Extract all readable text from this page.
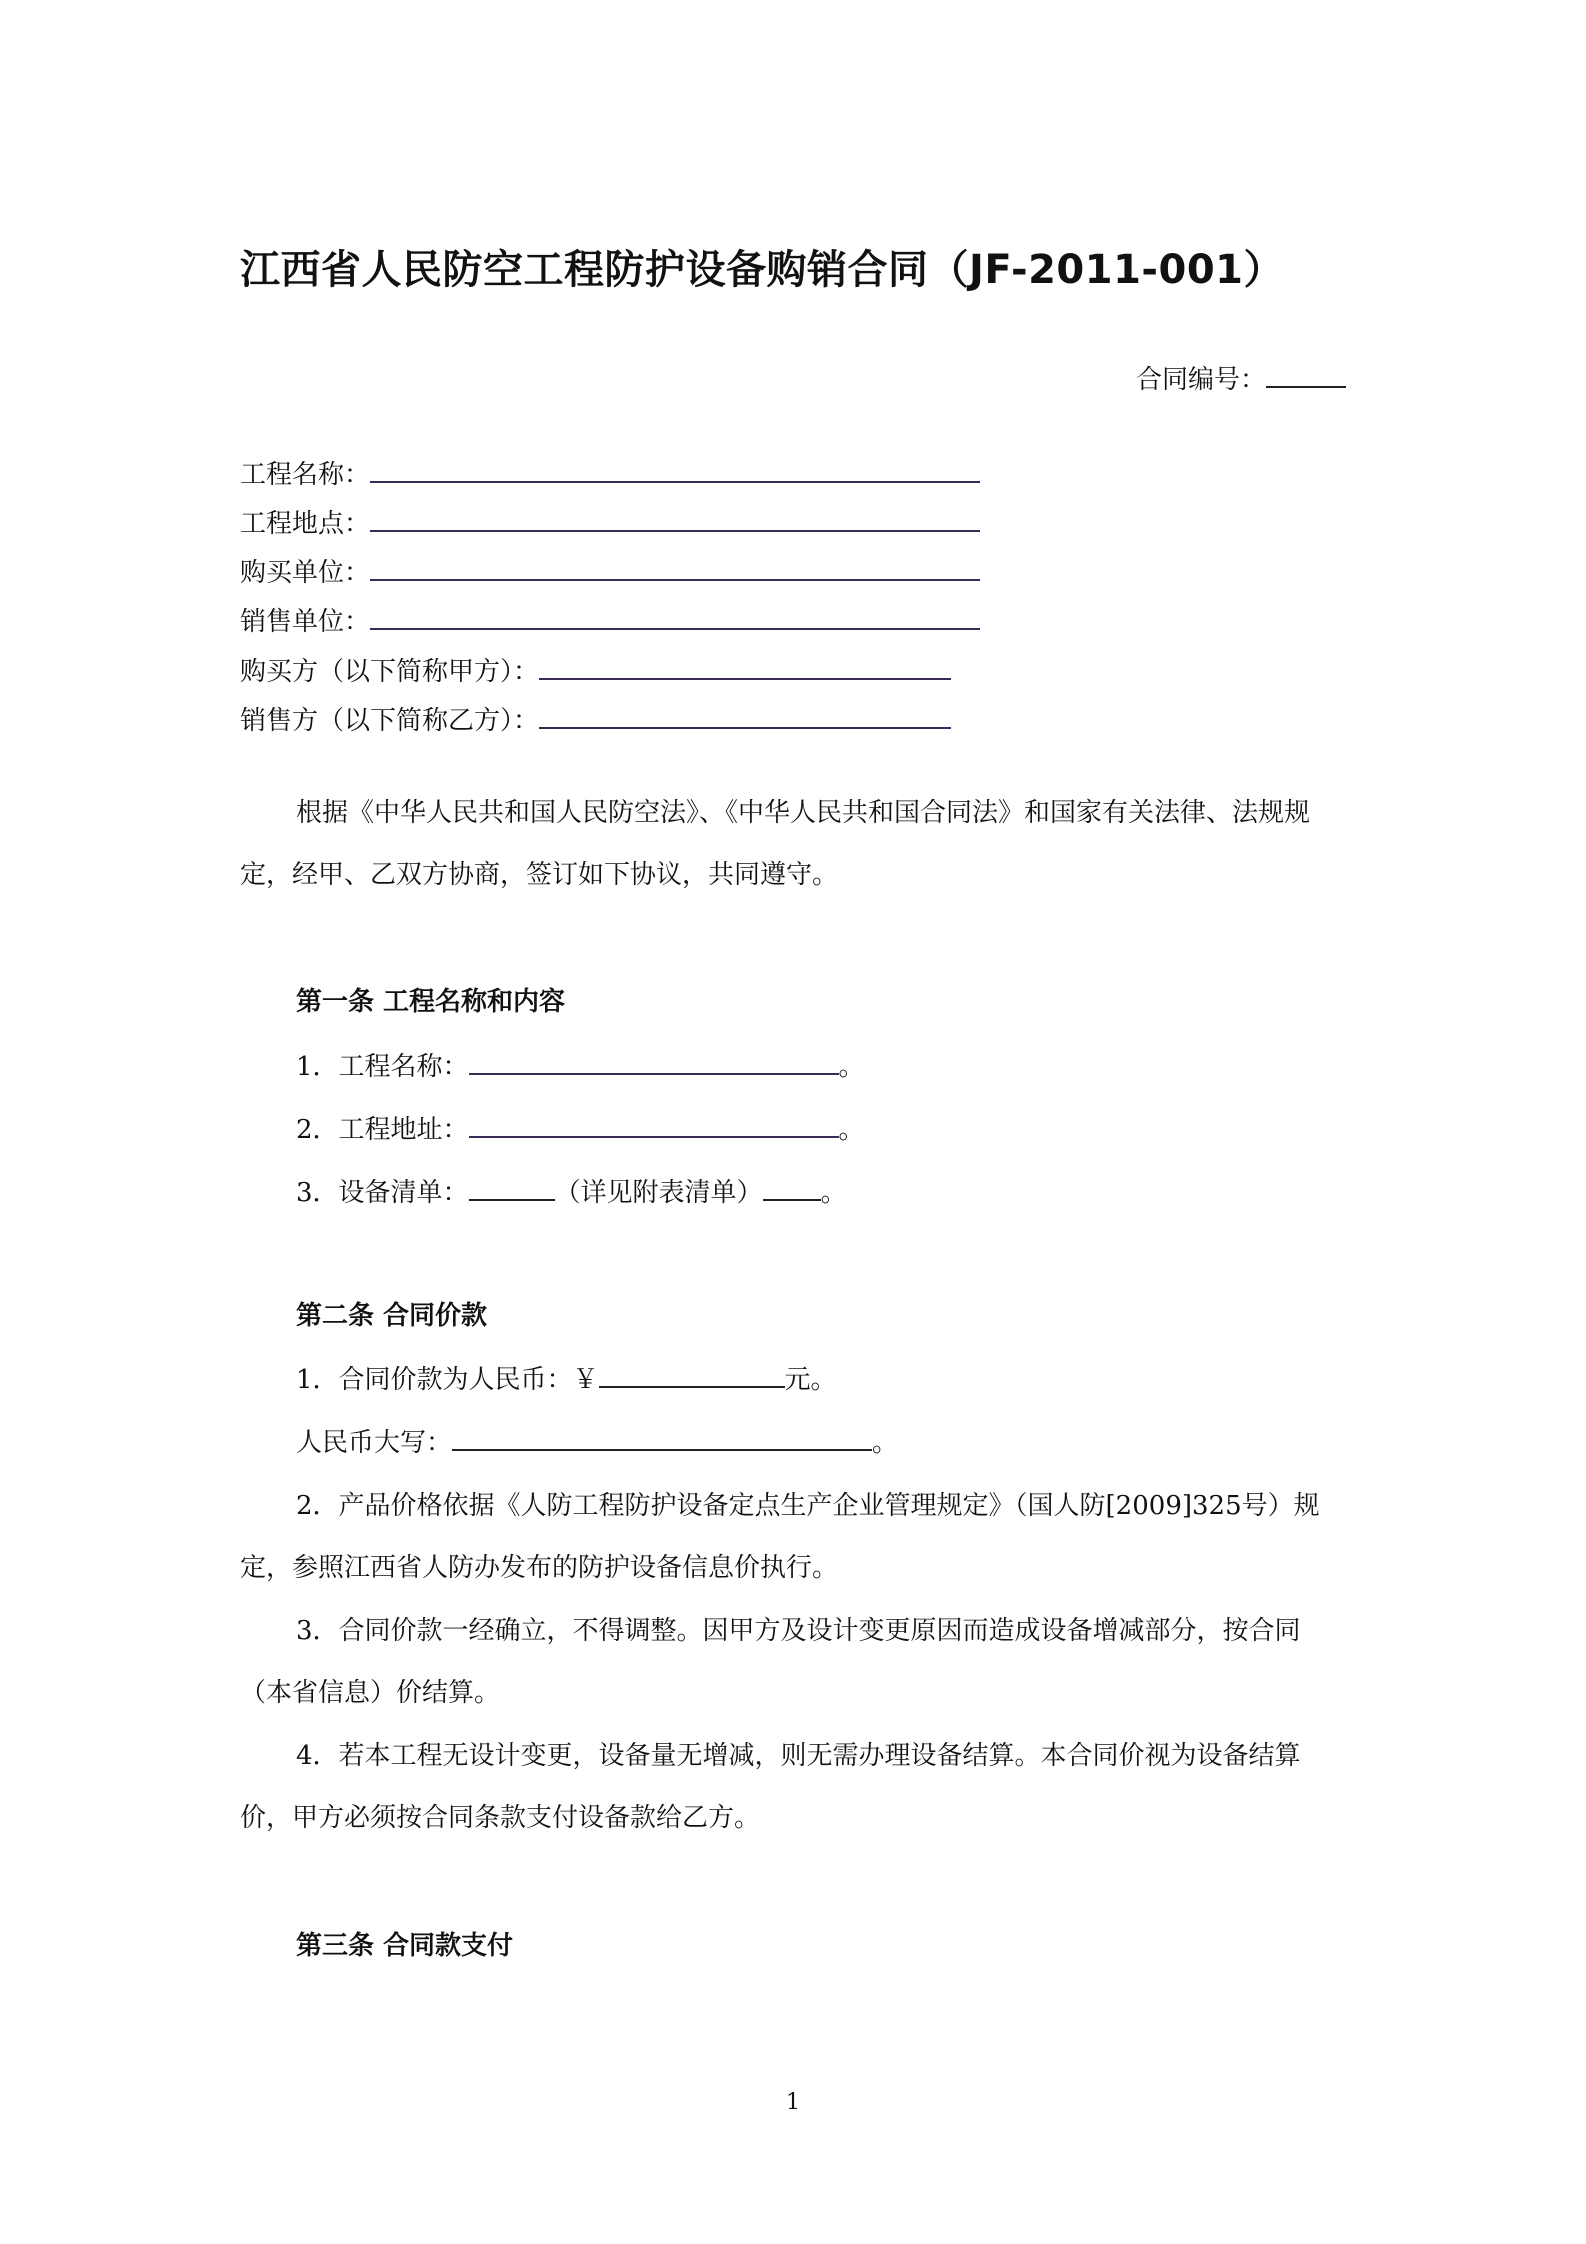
江西省人民防空工程防护设备购销合同（JF-2011-001）
合同编号：
工程名称：
工程地点：
购买单位：
销售单位：
购买方（以下简称甲方）：
销售方（以下简称乙方）：
根据《中华人民共和国人民防空法》、《中华人民共和国合同法》和国家有关法律、法规规定，经甲、乙双方协商，签订如下协议，共同遵守。
第一条 工程名称和内容
1．工程名称：	。
2．工程地址：	。
3．设备清单：	（详见附表清单） 。
第二条 合同价款
1．合同价款为人民币：￥	元。
人民币大写：	。
2．产品价格依据《人防工程防护设备定点生产企业管理规定》（国人防[2009]325号）规定，参照江西省人防办发布的防护设备信息价执行。
3．合同价款一经确立，不得调整。因甲方及设计变更原因而造成设备增减部分，按合同（本省信息）价结算。
4．若本工程无设计变更，设备量无增减，则无需办理设备结算。本合同价视为设备结算价，甲方必须按合同条款支付设备款给乙方。
第三条 合同款支付
1
